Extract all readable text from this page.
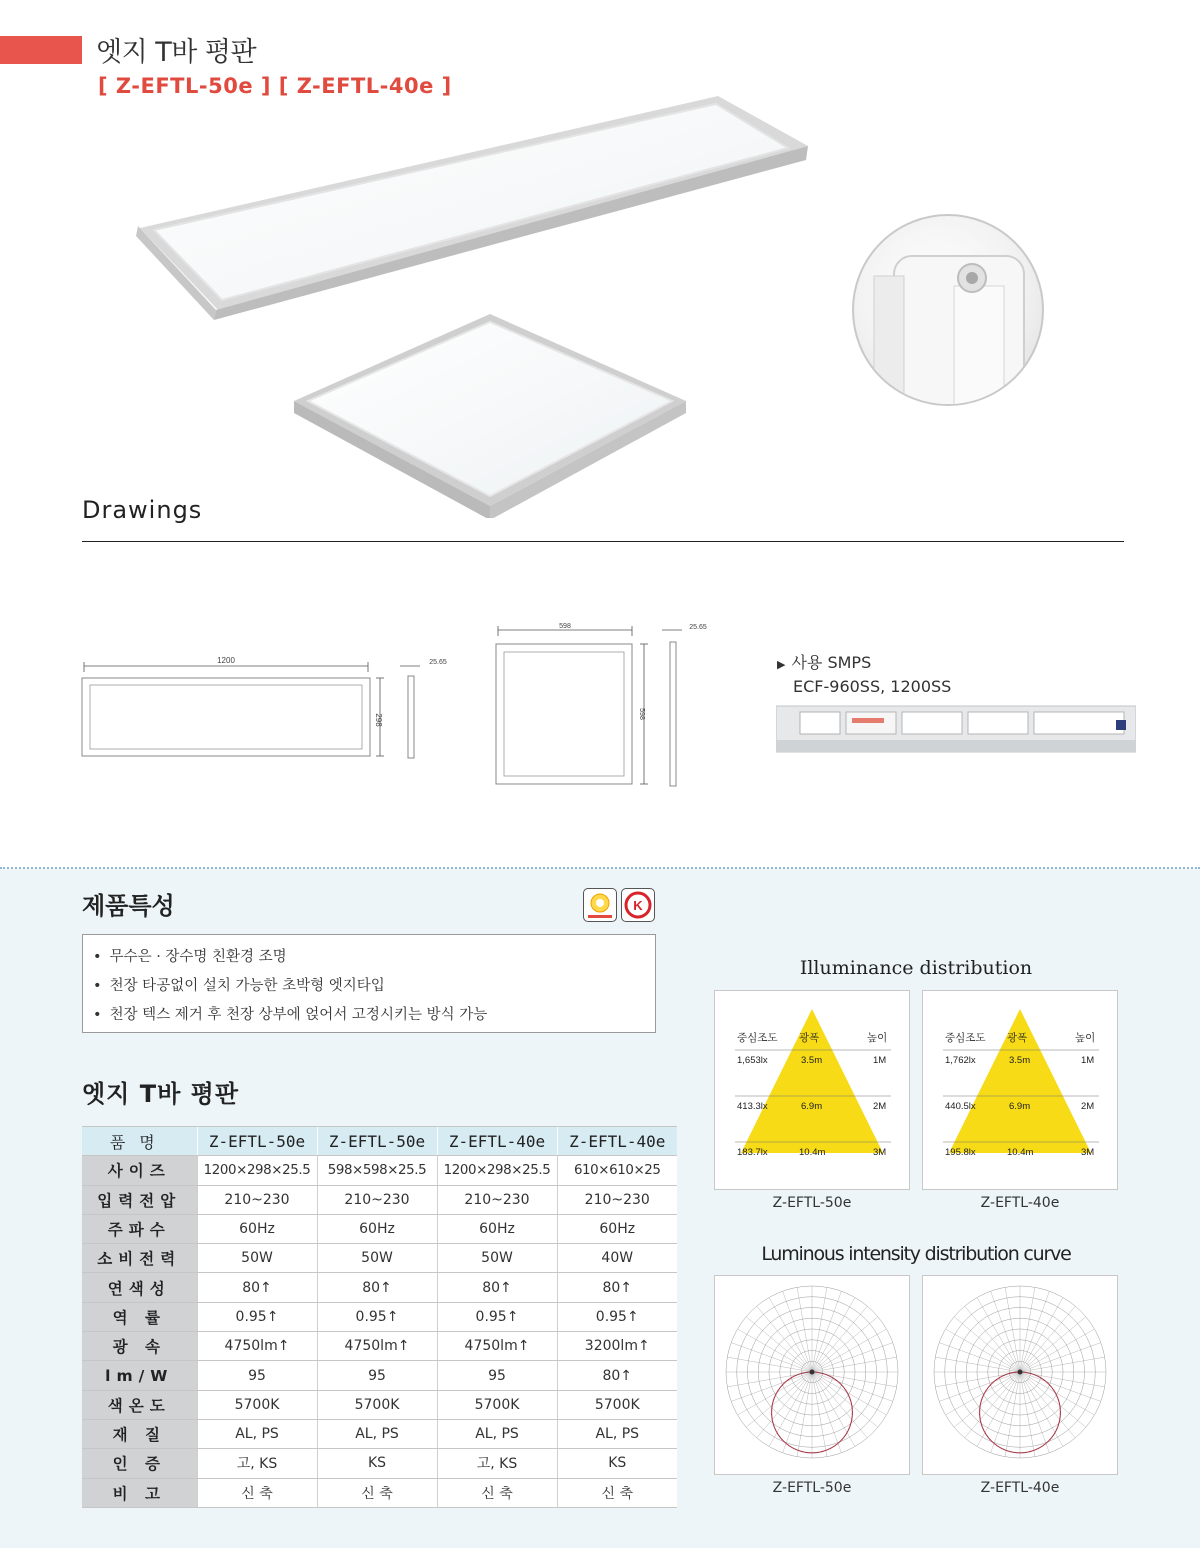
엣지 T바 평판
[ Z-EFTL-50e ] [ Z-EFTL-40e ]
Drawings
1200
298
25.65
598
598
25.65
▶ 사용 SMPS
ECF-960SS, 1200SS
제품특성	K
• 무수은 · 장수명 친환경 조명
• 천장 타공없이 설치 가능한 초박형 엣지타입
• 천장 텍스 제거 후 천장 상부에 얹어서 고정시키는 방식 가능
엣지 T바 평판
품명	Z-EFTL-50e	Z-EFTL-50e	Z-EFTL-40e	Z-EFTL-40e
사이즈	1200×298×25.5	598×598×25.5	1200×298×25.5	610×610×25
입력전압	210~230	210~230	210~230	210~230
주파수	60Hz	60Hz	60Hz	60Hz
소비전력	50W	50W	50W	40W
연색성	80↑	80↑	80↑	80↑
역 률	0.95↑	0.95↑	0.95↑	0.95↑
광 속	4750lm↑	4750lm↑	4750lm↑	3200lm↑
lm/W	95	95	95	80↑
색온도	5700K	5700K	5700K	5700K
재 질	AL, PS	AL, PS	AL, PS	AL, PS
인 증	고, KS	KS	고, KS	KS
비 고	신 축	신 축	신 축	신 축
Illuminance distribution
중심조도 광폭	높이
1,653lx	3.5m	1M
413.3lx	6.9m	2M
183.7lx	10.4m	3M
Z-EFTL-50e
중심조도 광폭	높이
1,762lx	3.5m	1M
440.5lx	6.9m	2M
195.8lx	10.4m	3M
Z-EFTL-40e
Luminous intensity distribution curve
Z-EFTL-50e	Z-EFTL-40e
